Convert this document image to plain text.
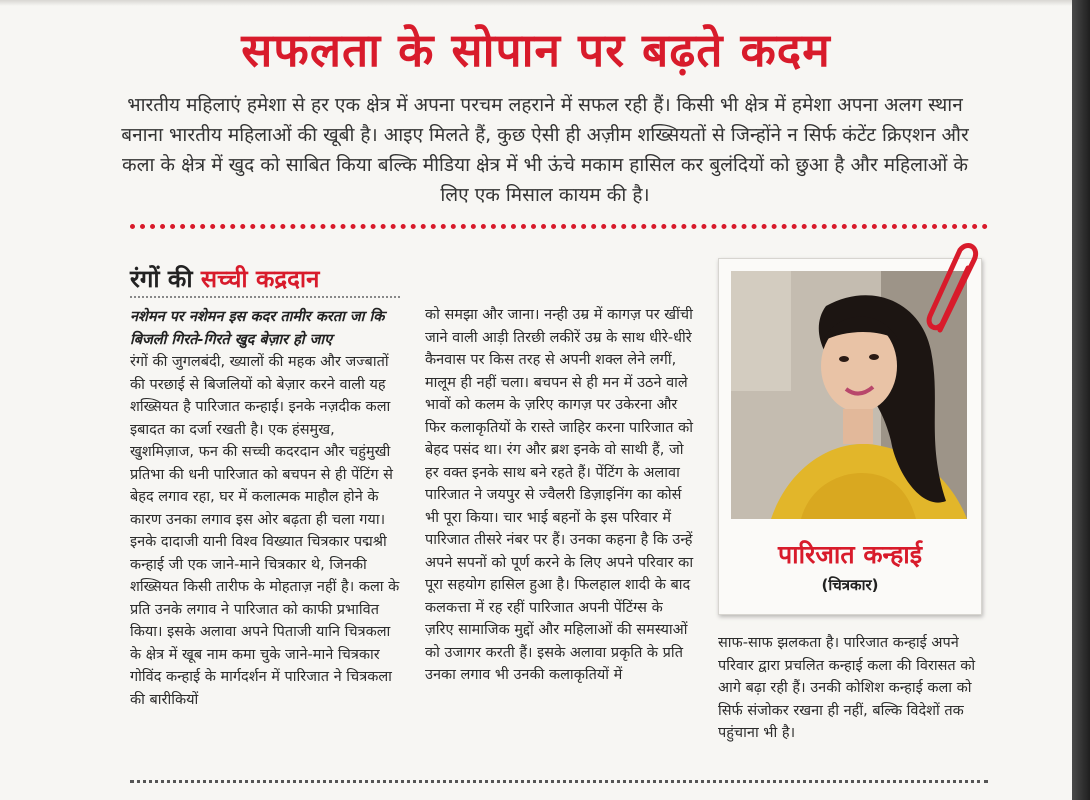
सफलता के सोपान पर बढ़ते कदम

भारतीय महिलाएं हमेशा से हर एक क्षेत्र में अपना परचम लहराने में सफल रही हैं। किसी भी क्षेत्र में हमेशा अपना अलग स्थान बनाना भारतीय महिलाओं की खूबी है। आइए मिलते हैं, कुछ ऐसी ही अज़ीम शख्सियतों से जिन्होंने न सिर्फ कंटेंट क्रिएशन और कला के क्षेत्र में खुद को साबित किया बल्कि मीडिया क्षेत्र में भी ऊंचे मकाम हासिल कर बुलंदियों को छुआ है और महिलाओं के लिए एक मिसाल कायम की है।

रंगों की सच्ची कद्रदान

नशेमन पर नशेमन इस कदर तामीर करता जा कि बिजली गिरते-गिरते खुद बेज़ार हो जाए

रंगों की जुगलबंदी, ख्यालों की महक और जज्बातों की परछाई से बिजलियों को बेज़ार करने वाली यह शख्सियत है पारिजात कन्हाई। इनके नज़दीक कला इबादत का दर्जा रखती है। एक हंसमुख, खुशमिज़ाज, फन की सच्ची कदरदान और चहुंमुखी प्रतिभा की धनी पारिजात को बचपन से ही पेंटिंग से बेहद लगाव रहा, घर में कलात्मक माहौल होने के कारण उनका लगाव इस ओर बढ़ता ही चला गया। इनके दादाजी यानी विश्व विख्यात चित्रकार पद्मश्री कन्हाई जी एक जाने-माने चित्रकार थे, जिनकी शख्सियत किसी तारीफ के मोहताज़ नहीं है। कला के प्रति उनके लगाव ने पारिजात को काफी प्रभावित किया। इसके अलावा अपने पिताजी यानि चित्रकला के क्षेत्र में खूब नाम कमा चुके जाने-माने चित्रकार गोविंद कन्हाई के मार्गदर्शन में पारिजात ने चित्रकला की बारीकियों

को समझा और जाना। नन्ही उम्र में कागज़ पर खींची जाने वाली आड़ी तिरछी लकीरें उम्र के साथ धीरे-धीरे कैनवास पर किस तरह से अपनी शक्ल लेने लगीं, मालूम ही नहीं चला। बचपन से ही मन में उठने वाले भावों को कलम के ज़रिए कागज़ पर उकेरना और फिर कलाकृतियों के रास्ते जाहिर करना पारिजात को बेहद पसंद था। रंग और ब्रश इनके वो साथी हैं, जो हर वक्त इनके साथ बने रहते हैं। पेंटिंग के अलावा पारिजात ने जयपुर से ज्वैलरी डिज़ाइनिंग का कोर्स भी पूरा किया। चार भाई बहनों के इस परिवार में पारिजात तीसरे नंबर पर हैं। उनका कहना है कि उन्हें अपने सपनों को पूर्ण करने के लिए अपने परिवार का पूरा सहयोग हासिल हुआ है। फिलहाल शादी के बाद कलकत्ता में रह रहीं पारिजात अपनी पेंटिंग्स के ज़रिए सामाजिक मुद्दों और महिलाओं की समस्याओं को उजागर करती हैं। इसके अलावा प्रकृति के प्रति उनका लगाव भी उनकी कलाकृतियों में

पारिजात कन्हाई

(चित्रकार)

साफ-साफ झलकता है। पारिजात कन्हाई अपने परिवार द्वारा प्रचलित कन्हाई कला की विरासत को आगे बढ़ा रही हैं। उनकी कोशिश कन्हाई कला को सिर्फ संजोकर रखना ही नहीं, बल्कि विदेशों तक पहुंचाना भी है।
